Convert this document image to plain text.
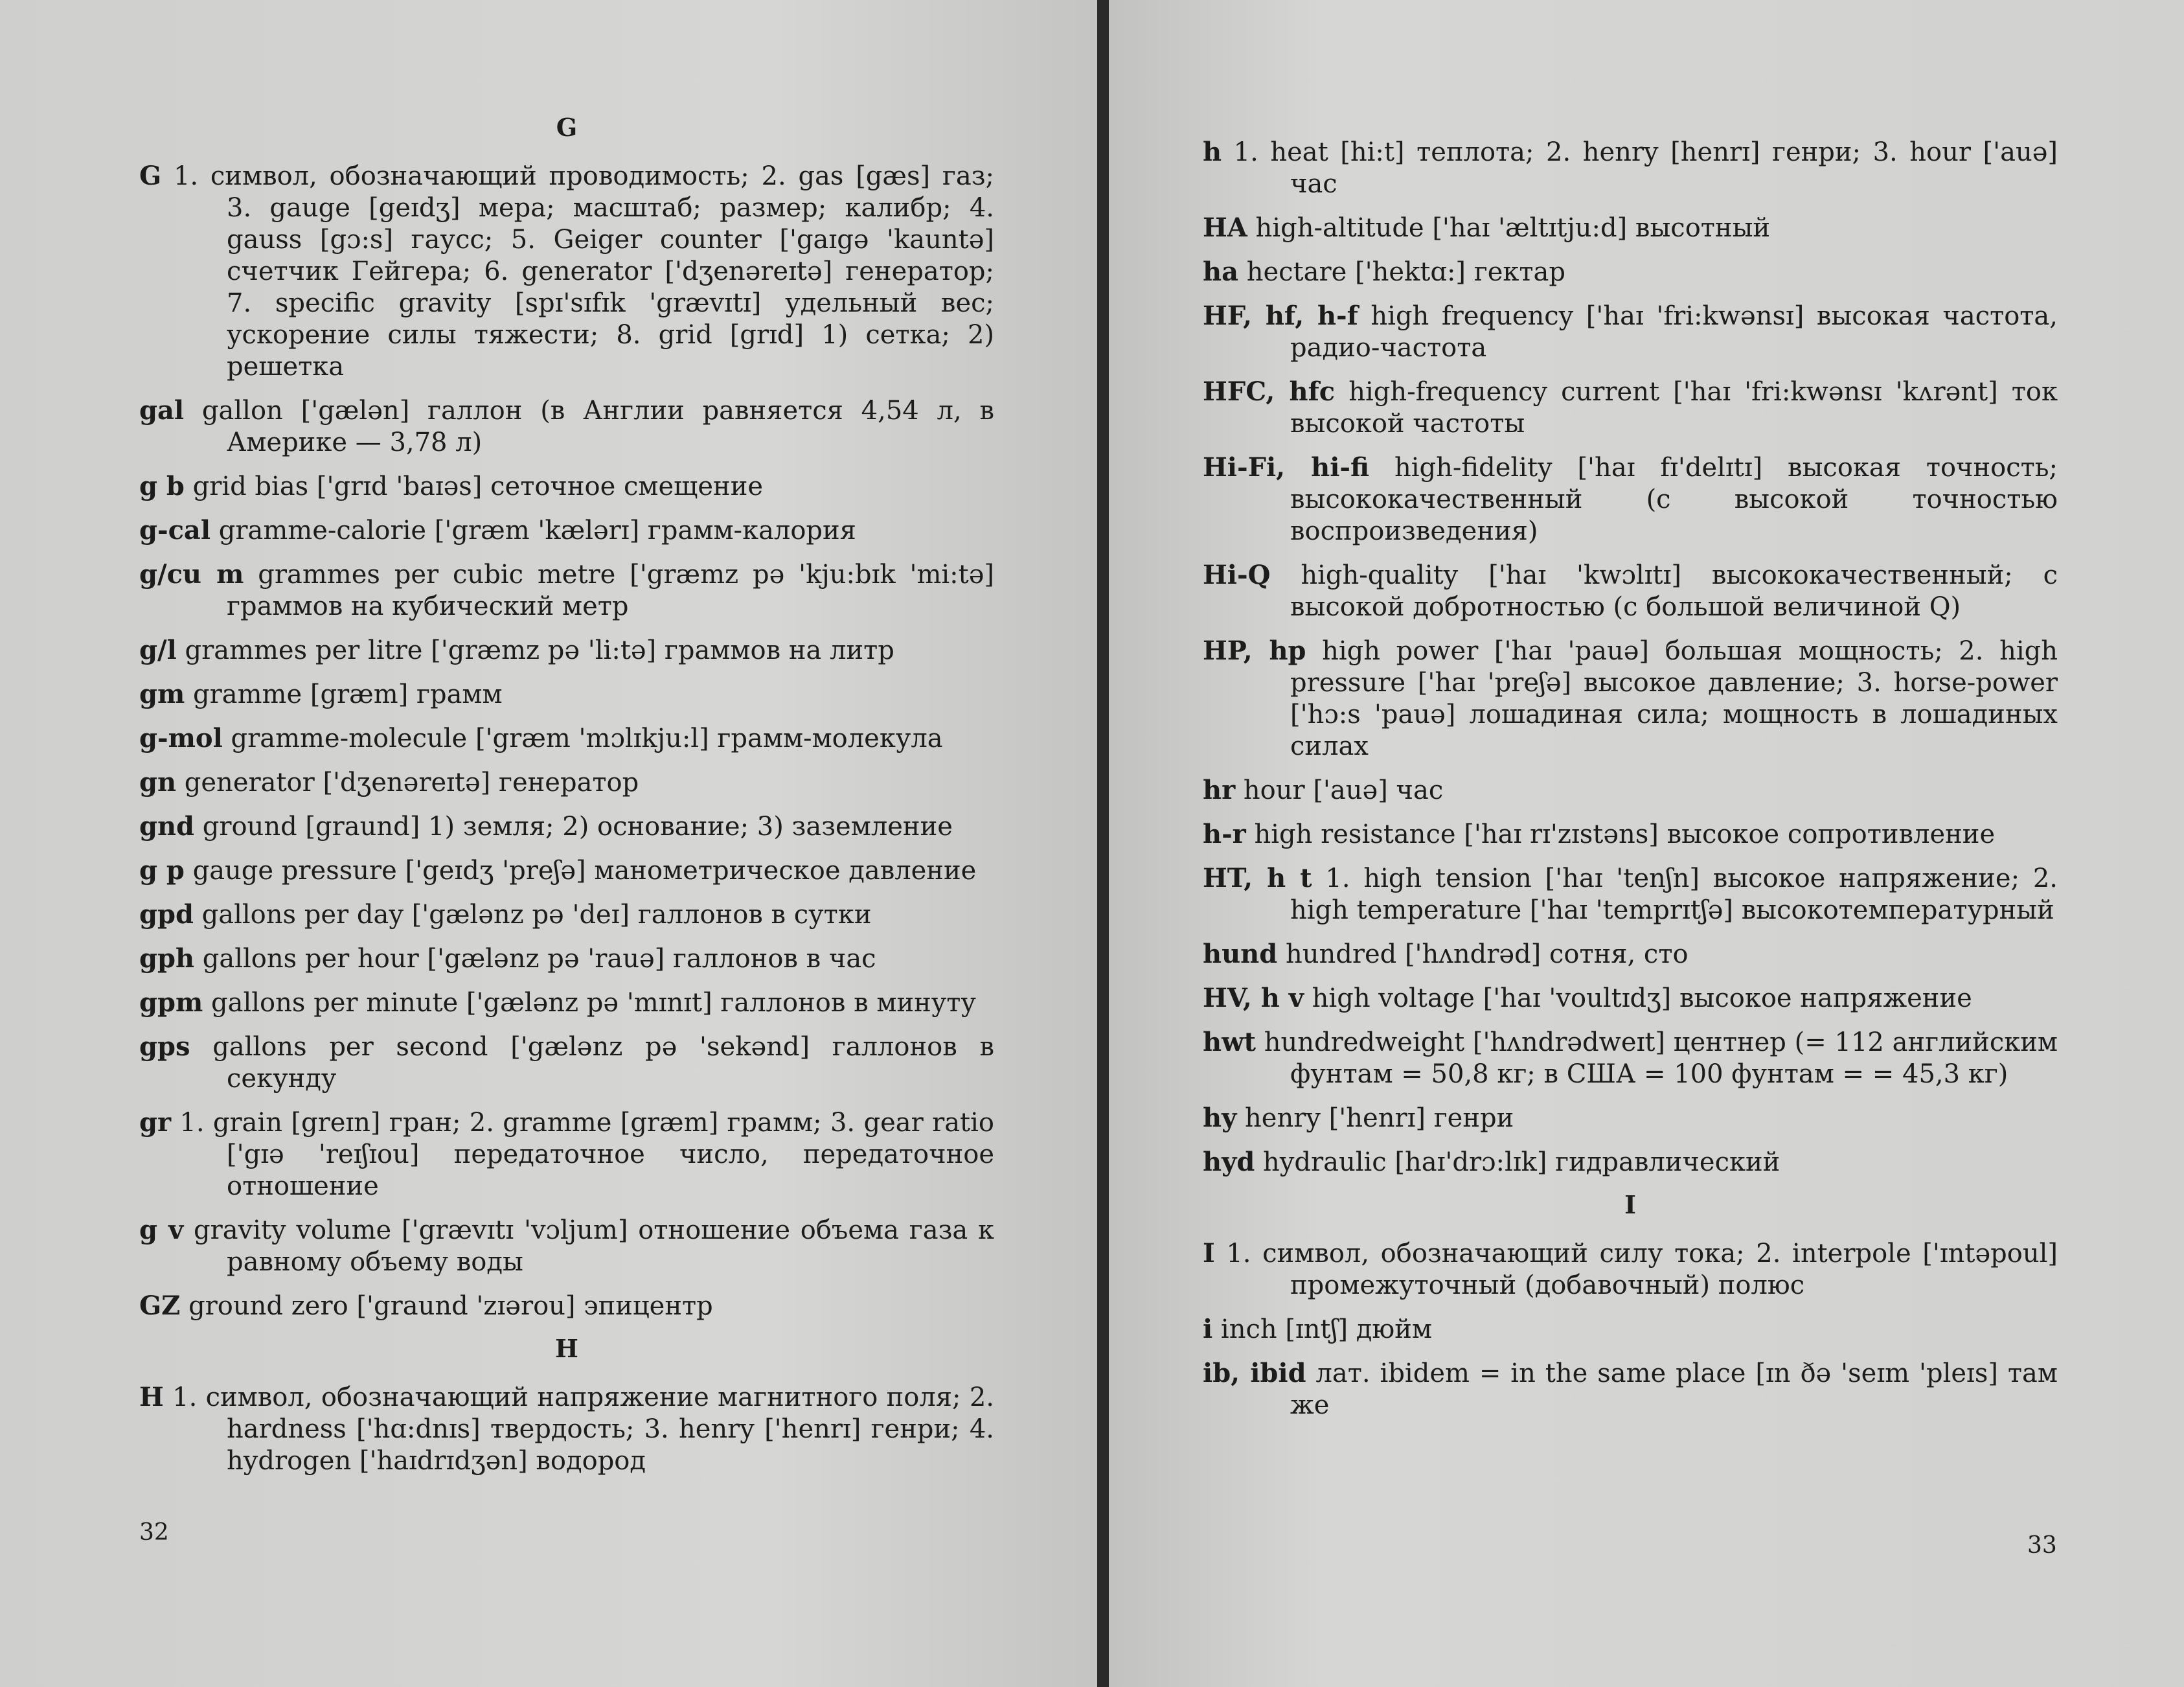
G
G 1. символ, обозначающий проводимость; 2. gas [gæs] газ; 3. gauge [geɪdʒ] мера; масштаб; размер; калибр; 4. gauss [gɔ:s] гаусс; 5. Geiger counter ['gaɪgə 'kauntə] счетчик Гейгера; 6. generator ['dʒenəreɪtə] генератор; 7. specific gravity [spɪ'sɪfɪk 'grævɪtɪ] удельный вес; ускорение силы тяжести; 8. grid [grɪd] 1) сетка; 2) решетка
gal gallon ['gælən] галлон (в Англии равняется 4,54 л, в Америке — 3,78 л)
g b grid bias ['grɪd 'baɪəs] сеточное смещение
g-cal gramme-calorie ['græm 'kælərɪ] грамм-калория
g/cu m grammes per cubic metre ['græmz pə 'kju:bɪk 'mi:tə] граммов на кубический метр
g/l grammes per litre ['græmz pə 'li:tə] граммов на литр
gm gramme [græm] грамм
g-mol gramme-molecule ['græm 'mɔlɪkju:l] грамм-молекула
gn generator ['dʒenəreɪtə] генератор
gnd ground [graund] 1) земля; 2) основание; 3) заземление
g p gauge pressure ['geɪdʒ 'preʃə] манометрическое давление
gpd gallons per day ['gælənz pə 'deɪ] галлонов в сутки
gph gallons per hour ['gælənz pə 'rauə] галлонов в час
gpm gallons per minute ['gælənz pə 'mɪnɪt] галлонов в минуту
gps gallons per second ['gælənz pə 'sekənd] галлонов в секунду
gr 1. grain [greɪn] гран; 2. gramme [græm] грамм; 3. gear ratio ['gɪə 'reɪʃɪou] передаточное число, передаточное отношение
g v gravity volume ['grævɪtɪ 'vɔljum] отношение объема газа к равному объему воды
GZ ground zero ['graund 'zɪərou] эпицентр
H
H 1. символ, обозначающий напряжение магнитного поля; 2. hardness ['hɑ:dnɪs] твердость; 3. henry ['henrɪ] генри; 4. hydrogen ['haɪdrɪdʒən] водород
32
h 1. heat [hi:t] теплота; 2. henry [henrɪ] генри; 3. hour ['auə] час
HA high-altitude ['haɪ 'æltɪtju:d] высотный
ha hectare ['hektɑ:] гектар
HF, hf, h-f high frequency ['haɪ 'fri:kwənsɪ] высокая частота, радио-частота
HFC, hfc high-frequency current ['haɪ 'fri:kwənsɪ 'kʌrənt] ток высокой частоты
Hi-Fi, hi-fi high-fidelity ['haɪ fɪ'delɪtɪ] высокая точность; высококачественный (с высокой точностью воспроизведения)
Hi-Q high-quality ['haɪ 'kwɔlɪtɪ] высококачественный; с высокой добротностью (с большой величиной Q)
HP, hp high power ['haɪ 'pauə] большая мощность; 2. high pressure ['haɪ 'preʃə] высокое давление; 3. horse-power ['hɔ:s 'pauə] лошадиная сила; мощность в лошадиных силах
hr hour ['auə] час
h-r high resistance ['haɪ rɪ'zɪstəns] высокое сопротивление
HT, h t 1. high tension ['haɪ 'tenʃn] высокое напряжение; 2. high temperature ['haɪ 'temprɪtʃə] высокотемпературный
hund hundred ['hʌndrəd] сотня, сто
HV, h v high voltage ['haɪ 'voultɪdʒ] высокое напряжение
hwt hundredweight ['hʌndrədweɪt] центнер (= 112 английским фунтам = 50,8 кг; в США = 100 фунтам = = 45,3 кг)
hy henry ['henrɪ] генри
hyd hydraulic [haɪ'drɔ:lɪk] гидравлический
I
I 1. символ, обозначающий силу тока; 2. interpole ['ɪntəpoul] промежуточный (добавочный) полюс
i inch [ɪntʃ] дюйм
ib, ibid лат. ibidem = in the same place [ɪn ðə 'seɪm 'pleɪs] там же
33
